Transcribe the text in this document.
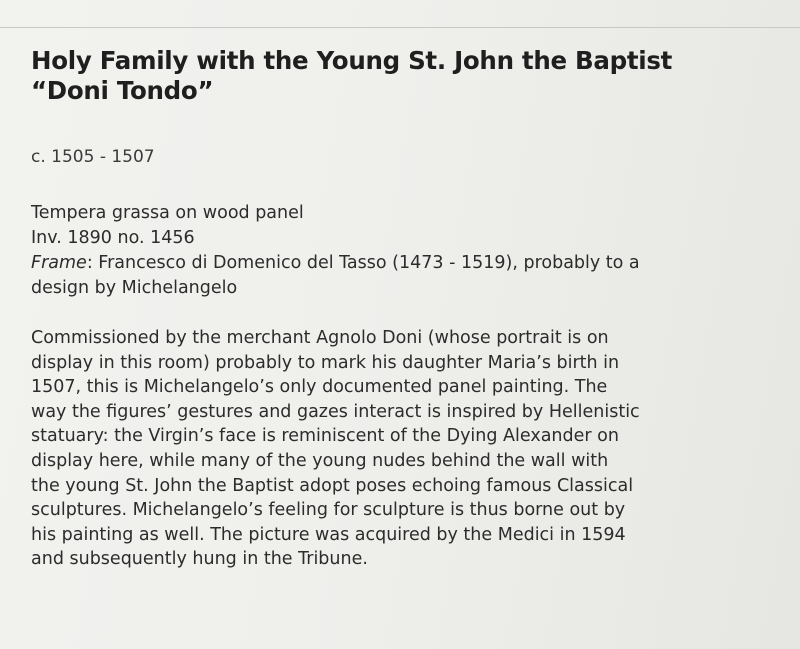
Holy Family with the Young St. John the Baptist
“Doni Tondo”

c. 1505 - 1507

Tempera grassa on wood panel
Inv. 1890 no. 1456
Frame: Francesco di Domenico del Tasso (1473 - 1519), probably to a
design by Michelangelo
Commissioned by the merchant Agnolo Doni (whose portrait is on
display in this room) probably to mark his daughter Maria’s birth in
1507, this is Michelangelo’s only documented panel painting. The
way the figures’ gestures and gazes interact is inspired by Hellenistic
statuary: the Virgin’s face is reminiscent of the Dying Alexander on
display here, while many of the young nudes behind the wall with
the young St. John the Baptist adopt poses echoing famous Classical
sculptures. Michelangelo’s feeling for sculpture is thus borne out by
his painting as well. The picture was acquired by the Medici in 1594
and subsequently hung in the Tribune.
